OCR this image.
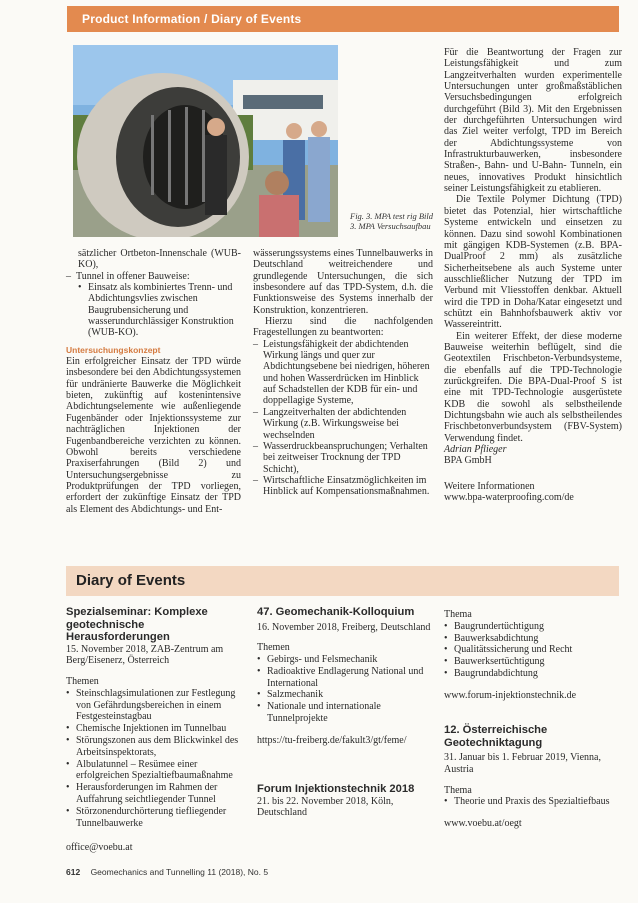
Product Information / Diary of Events
Fig. 3. MPA test rig Bild 3. MPA Versuchsaufbau

sätzlicher Ortbeton-Innenschale (WUB-KO),

– Tunnel in offener Bauweise:
• Einsatz als kombiniertes Trenn- und Abdichtungsvlies zwischen Baugrubensicherung und wasserundurchlässiger Konstruktion (WUB-KO).
Untersuchungskonzept

Ein erfolgreicher Einsatz der TPD würde insbesondere bei den Abdichtungssystemen für undränierte Bauwerke die Möglichkeit bieten, zukünftig auf kostenintensive Abdichtungselemente wie außenliegende Fugenbänder oder Injektionssysteme zur nachträglichen Injektionen der Fugenbandbereiche verzichten zu können. Obwohl bereits verschiedene Praxiserfahrungen (Bild 2) und Untersuchungsergebnisse zu Produktprüfungen der TPD vorliegen, erfordert der zukünftige Einsatz der TPD als Element des Abdichtungs- und Ent-

wässerungssystems eines Tunnelbauwerks in Deutschland weitreichendere und grundlegende Untersuchungen, die sich insbesondere auf das TPD-System, d.h. die Funktionsweise des Systems innerhalb der Konstruktion, konzentrieren.

Hierzu sind die nachfolgenden Fragestellungen zu beantworten:

– Leistungsfähigkeit der abdichtenden Wirkung längs und quer zur Abdichtungsebene bei niedrigen, höheren und hohen Wasserdrücken im Hinblick auf Schadstellen der KDB für ein- und doppellagige Systeme,
– Langzeitverhalten der abdichtenden Wirkung (z.B. Wirkungsweise bei wechselnden
– Wasserdruckbeanspruchungen; Verhalten bei zeitweiser Trocknung der TPD Schicht),
– Wirtschaftliche Einsatzmöglichkeiten im Hinblick auf Kompensationsmaßnahmen.

Für die Beantwortung der Fragen zur Leistungsfähigkeit und zum Langzeitverhalten wurden experimentelle Untersuchungen unter großmaßstäblichen Versuchsbedingungen erfolgreich durchgeführt (Bild 3). Mit den Ergebnissen der durchgeführten Untersuchungen wird das Ziel weiter verfolgt, TPD im Bereich der Abdichtungssysteme von Infrastrukturbauwerken, insbesondere Straßen-, Bahn- und U-Bahn- Tunneln, ein neues, innovatives Produkt hinsichtlich seiner Leistungsfähigkeit zu etablieren.

Die Textile Polymer Dichtung (TPD) bietet das Potenzial, hier wirtschaftliche Systeme entwickeln und einsetzen zu können. Dazu sind sowohl Kombinationen mit gängigen KDB-Systemen (z.B. BPA-DualProof 2 mm) als zusätzliche Sicherheitsebene als auch Systeme unter ausschließlicher Nutzung der TPD im Verbund mit Vliesstoffen denkbar. Aktuell wird die TPD in Doha/Katar eingesetzt und schützt ein Bahnhofsbauwerk aktiv vor Wassereintritt.

Ein weiterer Effekt, der diese moderne Bauweise weiterhin beflügelt, sind die Geotextilen Frischbeton-Verbundsysteme, die ebenfalls auf die TPD-Technologie zurückgreifen. Die BPA-Dual-Proof S ist eine mit TPD-Technologie ausgerüstete KDB die sowohl als selbstheilende Dichtungsbahn wie auch als selbstheilendes Frischbetonverbundsystem (FBV-System) Verwendung findet.

Adrian Pflieger

BPA GmbH

Weitere Informationen

www.bpa-waterproofing.com/de

Diary of Events
Spezialseminar: Komplexe geotechnische Herausforderungen
15. November 2018, ZAB-Zentrum am Berg/Eisenerz, Österreich
Themen
• Steinschlagsimulationen zur Festlegung von Gefährdungsbereichen in einem Festgesteinstagbau
• Chemische Injektionen im Tunnelbau
• Störungszonen aus dem Blickwinkel des Arbeitsinspektorats,
• Albulatunnel – Resümee einer erfolgreichen Spezialtiefbaumaßnahme
• Herausforderungen im Rahmen der Auffahrung seichtliegender Tunnel
• Störzonendurchörterung tiefliegender Tunnelbauwerke
office@voebu.at
47. Geomechanik-Kolloquium
16. November 2018, Freiberg, Deutschland
Themen
• Gebirgs- und Felsmechanik
• Radioaktive Endlagerung National und International
• Salzmechanik
• Nationale und internationale Tunnelprojekte
https://tu-freiberg.de/fakult3/gt/feme/
Forum Injektionstechnik 2018
21. bis 22. November 2018, Köln, Deutschland
Thema
• Baugrundertüchtigung
• Bauwerksabdichtung
• Qualitätssicherung und Recht
• Bauwerksertüchtigung
• Baugrundabdichtung
www.forum-injektionstechnik.de
12. Österreichische Geotechniktagung
31. Januar bis 1. Februar 2019, Vienna, Austria
Thema
• Theorie und Praxis des Spezialtiefbaus
www.voebu.at/oegt
612 Geomechanics and Tunnelling 11 (2018), No. 5
